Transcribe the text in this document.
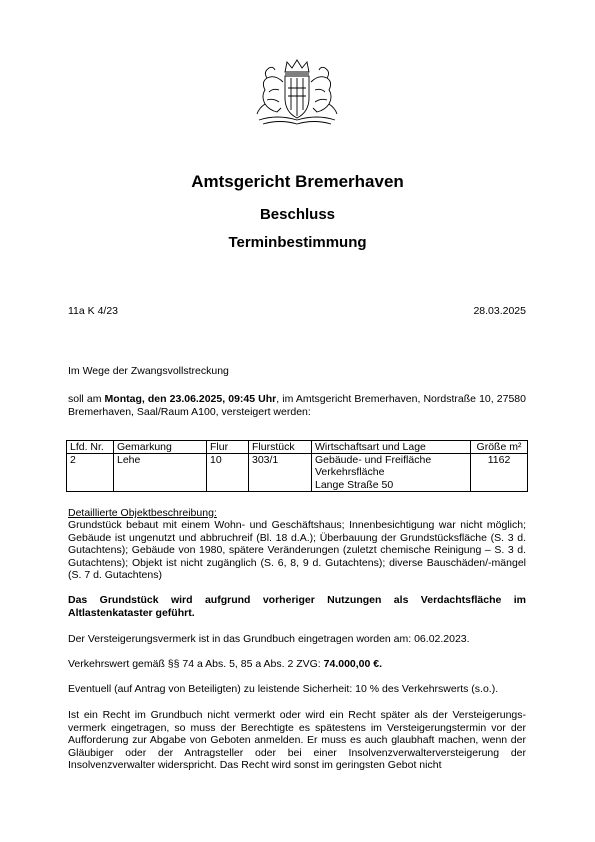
Amtsgericht Bremerhaven
Beschluss
Terminbestimmung
11a K 4/23	28.03.2025
Im Wege der Zwangsvollstreckung
soll am Montag, den 23.06.2025, 09:45 Uhr, im Amtsgericht Bremerhaven, Nordstraße 10, 27580 Bremerhaven, Saal/Raum A100, versteigert werden:
Lfd. Nr.	Gemarkung	Flur	Flurstück	Wirtschaftsart und Lage	Größe m²
2	Lehe	10	303/1	Gebäude- und Freifläche
Verkehrsfläche
Lange Straße 50	1162
Detaillierte Objektbeschreibung:
Grundstück bebaut mit einem Wohn- und Geschäftshaus; Innenbesichtigung war nicht möglich; Gebäude ist ungenutzt und abbruchreif (Bl. 18 d.A.); Überbauung der Grundstücksfläche (S. 3 d. Gutachtens); Gebäude von 1980, spätere Veränderungen (zuletzt chemische Reinigung – S. 3 d. Gutachtens); Objekt ist nicht zugänglich (S. 6, 8, 9 d. Gutachtens); diverse Bauschäden/-mängel (S. 7 d. Gutachtens)
Das Grundstück wird aufgrund vorheriger Nutzungen als Verdachtsfläche im Altlastenkataster geführt.
Der Versteigerungsvermerk ist in das Grundbuch eingetragen worden am: 06.02.2023.
Verkehrswert gemäß §§ 74 a Abs. 5, 85 a Abs. 2 ZVG: 74.000,00 €.
Eventuell (auf Antrag von Beteiligten) zu leistende Sicherheit: 10 % des Verkehrswerts (s.o.).
Ist ein Recht im Grundbuch nicht vermerkt oder wird ein Recht später als der Versteigerungs-vermerk eingetragen, so muss der Berechtigte es spätestens im Versteigerungstermin vor der Aufforderung zur Abgabe von Geboten anmelden. Er muss es auch glaubhaft machen, wenn der Gläubiger oder der Antragsteller oder bei einer Insolvenzverwalterversteigerung der Insolvenzverwalter widerspricht. Das Recht wird sonst im geringsten Gebot nicht
